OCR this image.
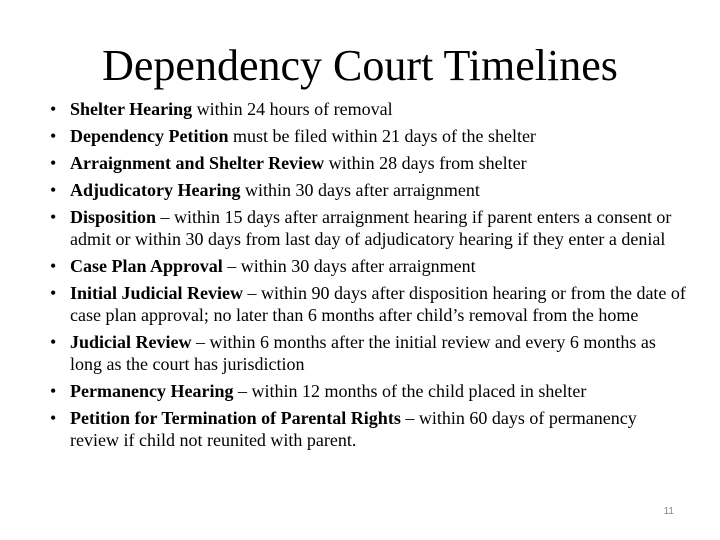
Dependency Court Timelines
• Shelter Hearing within 24 hours of removal
• Dependency Petition must be filed within 21 days of the shelter
• Arraignment and Shelter Review within 28 days from shelter
• Adjudicatory Hearing within 30 days after arraignment
• Disposition – within 15 days after arraignment hearing if parent enters a consent or admit or within 30 days from last day of adjudicatory hearing if they enter a denial
• Case Plan Approval – within 30 days after arraignment
• Initial Judicial Review – within 90 days after disposition hearing or from the date of case plan approval; no later than 6 months after child’s removal from the home
• Judicial Review – within 6 months after the initial review and every 6 months as long as the court has jurisdiction
• Permanency Hearing – within 12 months of the child placed in shelter
• Petition for Termination of Parental Rights – within 60 days of permanency review if child not reunited with parent.
11
